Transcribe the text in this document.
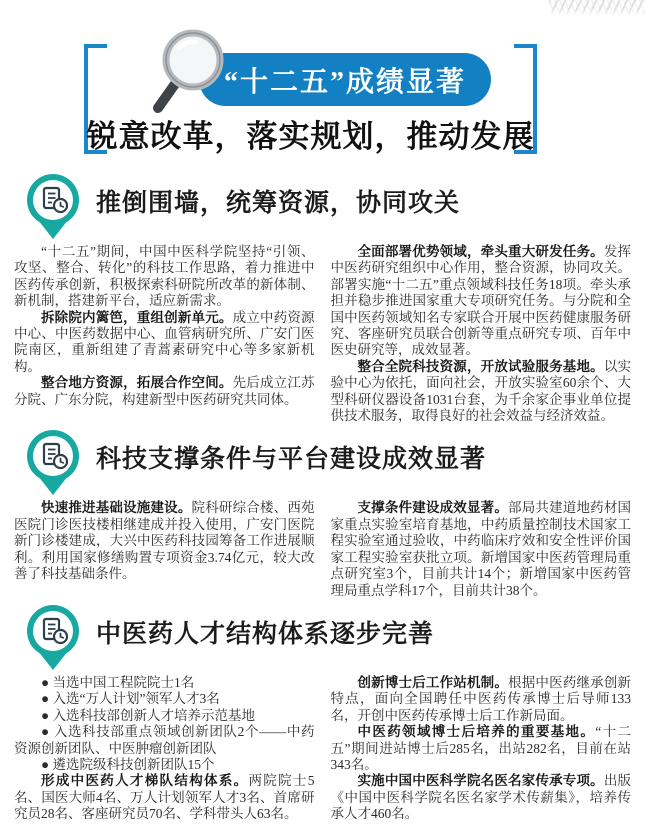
“十二五”成绩显著
锐意改革，落实规划，推动发展
推倒围墙，统筹资源，协同攻关

“十二五”期间，中国中医科学院坚持“引领、攻坚、整合、转化”的科技工作思路，着力推进中医药传承创新，积极探索科研院所改革的新体制、新机制，搭建新平台，适应新需求。

拆除院内篱笆，重组创新单元。成立中药资源中心、中医药数据中心、血管病研究所、广安门医院南区，重新组建了青蒿素研究中心等多家新机构。

整合地方资源，拓展合作空间。先后成立江苏分院、广东分院，构建新型中医药研究共同体。

全面部署优势领域，牵头重大研发任务。发挥中医药研究组织中心作用，整合资源，协同攻关。部署实施“十二五”重点领域科技任务18项。牵头承担并稳步推进国家重大专项研究任务。与分院和全国中医药领域知名专家联合开展中医药健康服务研究、客座研究员联合创新等重点研究专项、百年中医史研究等，成效显著。

整合全院科技资源，开放试验服务基地。以实验中心为依托，面向社会，开放实验室60余个、大型科研仪器设备1031台套，为千余家企事业单位提供技术服务，取得良好的社会效益与经济效益。

科技支撑条件与平台建设成效显著

快速推进基础设施建设。院科研综合楼、西苑医院门诊医技楼相继建成并投入使用，广安门医院新门诊楼建成，大兴中医药科技园筹备工作进展顺利。利用国家修缮购置专项资金3.74亿元，较大改善了科技基础条件。

支撑条件建设成效显著。部局共建道地药材国家重点实验室培育基地，中药质量控制技术国家工程实验室通过验收，中药临床疗效和安全性评价国家工程实验室获批立项。新增国家中医药管理局重点研究室3个，目前共计14个；新增国家中医药管理局重点学科17个，目前共计38个。

中医药人才结构体系逐步完善

● 当选中国工程院院士1名

● 入选“万人计划”领军人才3名

● 入选科技部创新人才培养示范基地

● 入选科技部重点领域创新团队2个——中药资源创新团队、中医肿瘤创新团队

● 遴选院级科技创新团队15个

形成中医药人才梯队结构体系。两院院士5名、国医大师4名、万人计划领军人才3名、首席研究员28名、客座研究员70名、学科带头人63名。

创新博士后工作站机制。根据中医药继承创新特点，面向全国聘任中医药传承博士后导师133名，开创中医药传承博士后工作新局面。

中医药领域博士后培养的重要基地。“十二五”期间进站博士后285名，出站282名，目前在站343名。

实施中国中医科学院名医名家传承专项。出版《中国中医科学院名医名家学术传薪集》，培养传承人才460名。
